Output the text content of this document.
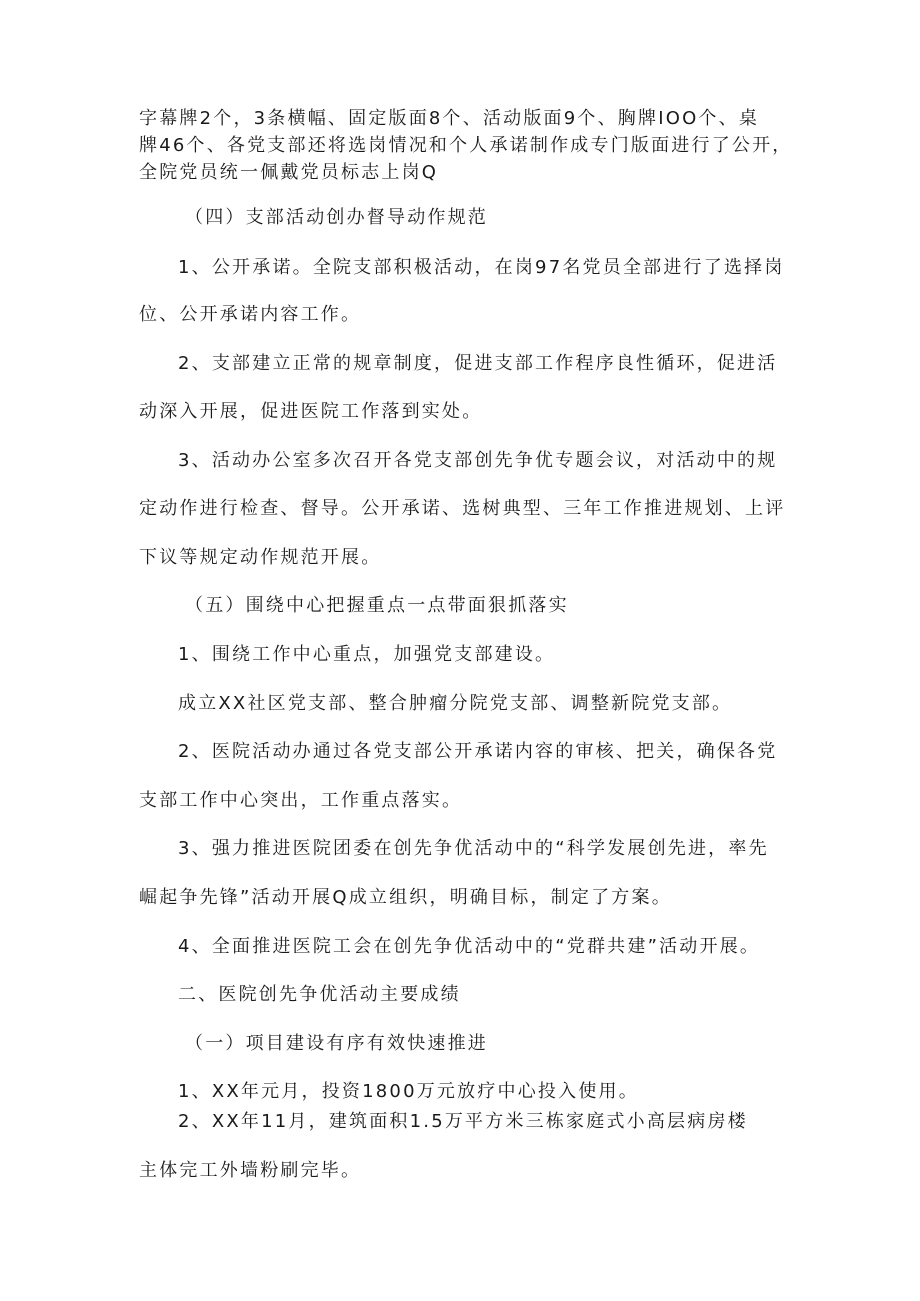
字幕牌2个，3条横幅、固定版面8个、活动版面9个、胸牌IOO个、桌

牌46个、各党支部还将选岗情况和个人承诺制作成专门版面进行了公开，

全院党员统一佩戴党员标志上岗Q

（四）支部活动创办督导动作规范

1、公开承诺。全院支部积极活动，在岗97名党员全部进行了选择岗

位、公开承诺内容工作。

2、支部建立正常的规章制度，促进支部工作程序良性循环，促进活

动深入开展，促进医院工作落到实处。

3、活动办公室多次召开各党支部创先争优专题会议，对活动中的规

定动作进行检查、督导。公开承诺、选树典型、三年工作推进规划、上评

下议等规定动作规范开展。

（五）围绕中心把握重点一点带面狠抓落实

1、围绕工作中心重点，加强党支部建设。

成立XX社区党支部、整合肿瘤分院党支部、调整新院党支部。

2、医院活动办通过各党支部公开承诺内容的审核、把关，确保各党

支部工作中心突出，工作重点落实。

3、强力推进医院团委在创先争优活动中的“科学发展创先进，率先

崛起争先锋”活动开展Q成立组织，明确目标，制定了方案。

4、全面推进医院工会在创先争优活动中的“党群共建”活动开展。

二、医院创先争优活动主要成绩

（一）项目建设有序有效快速推进

1、XX年元月，投资1800万元放疗中心投入使用。

2、XX年11月，建筑面积1.5万平方米三栋家庭式小高层病房楼

主体完工外墙粉刷完毕。
